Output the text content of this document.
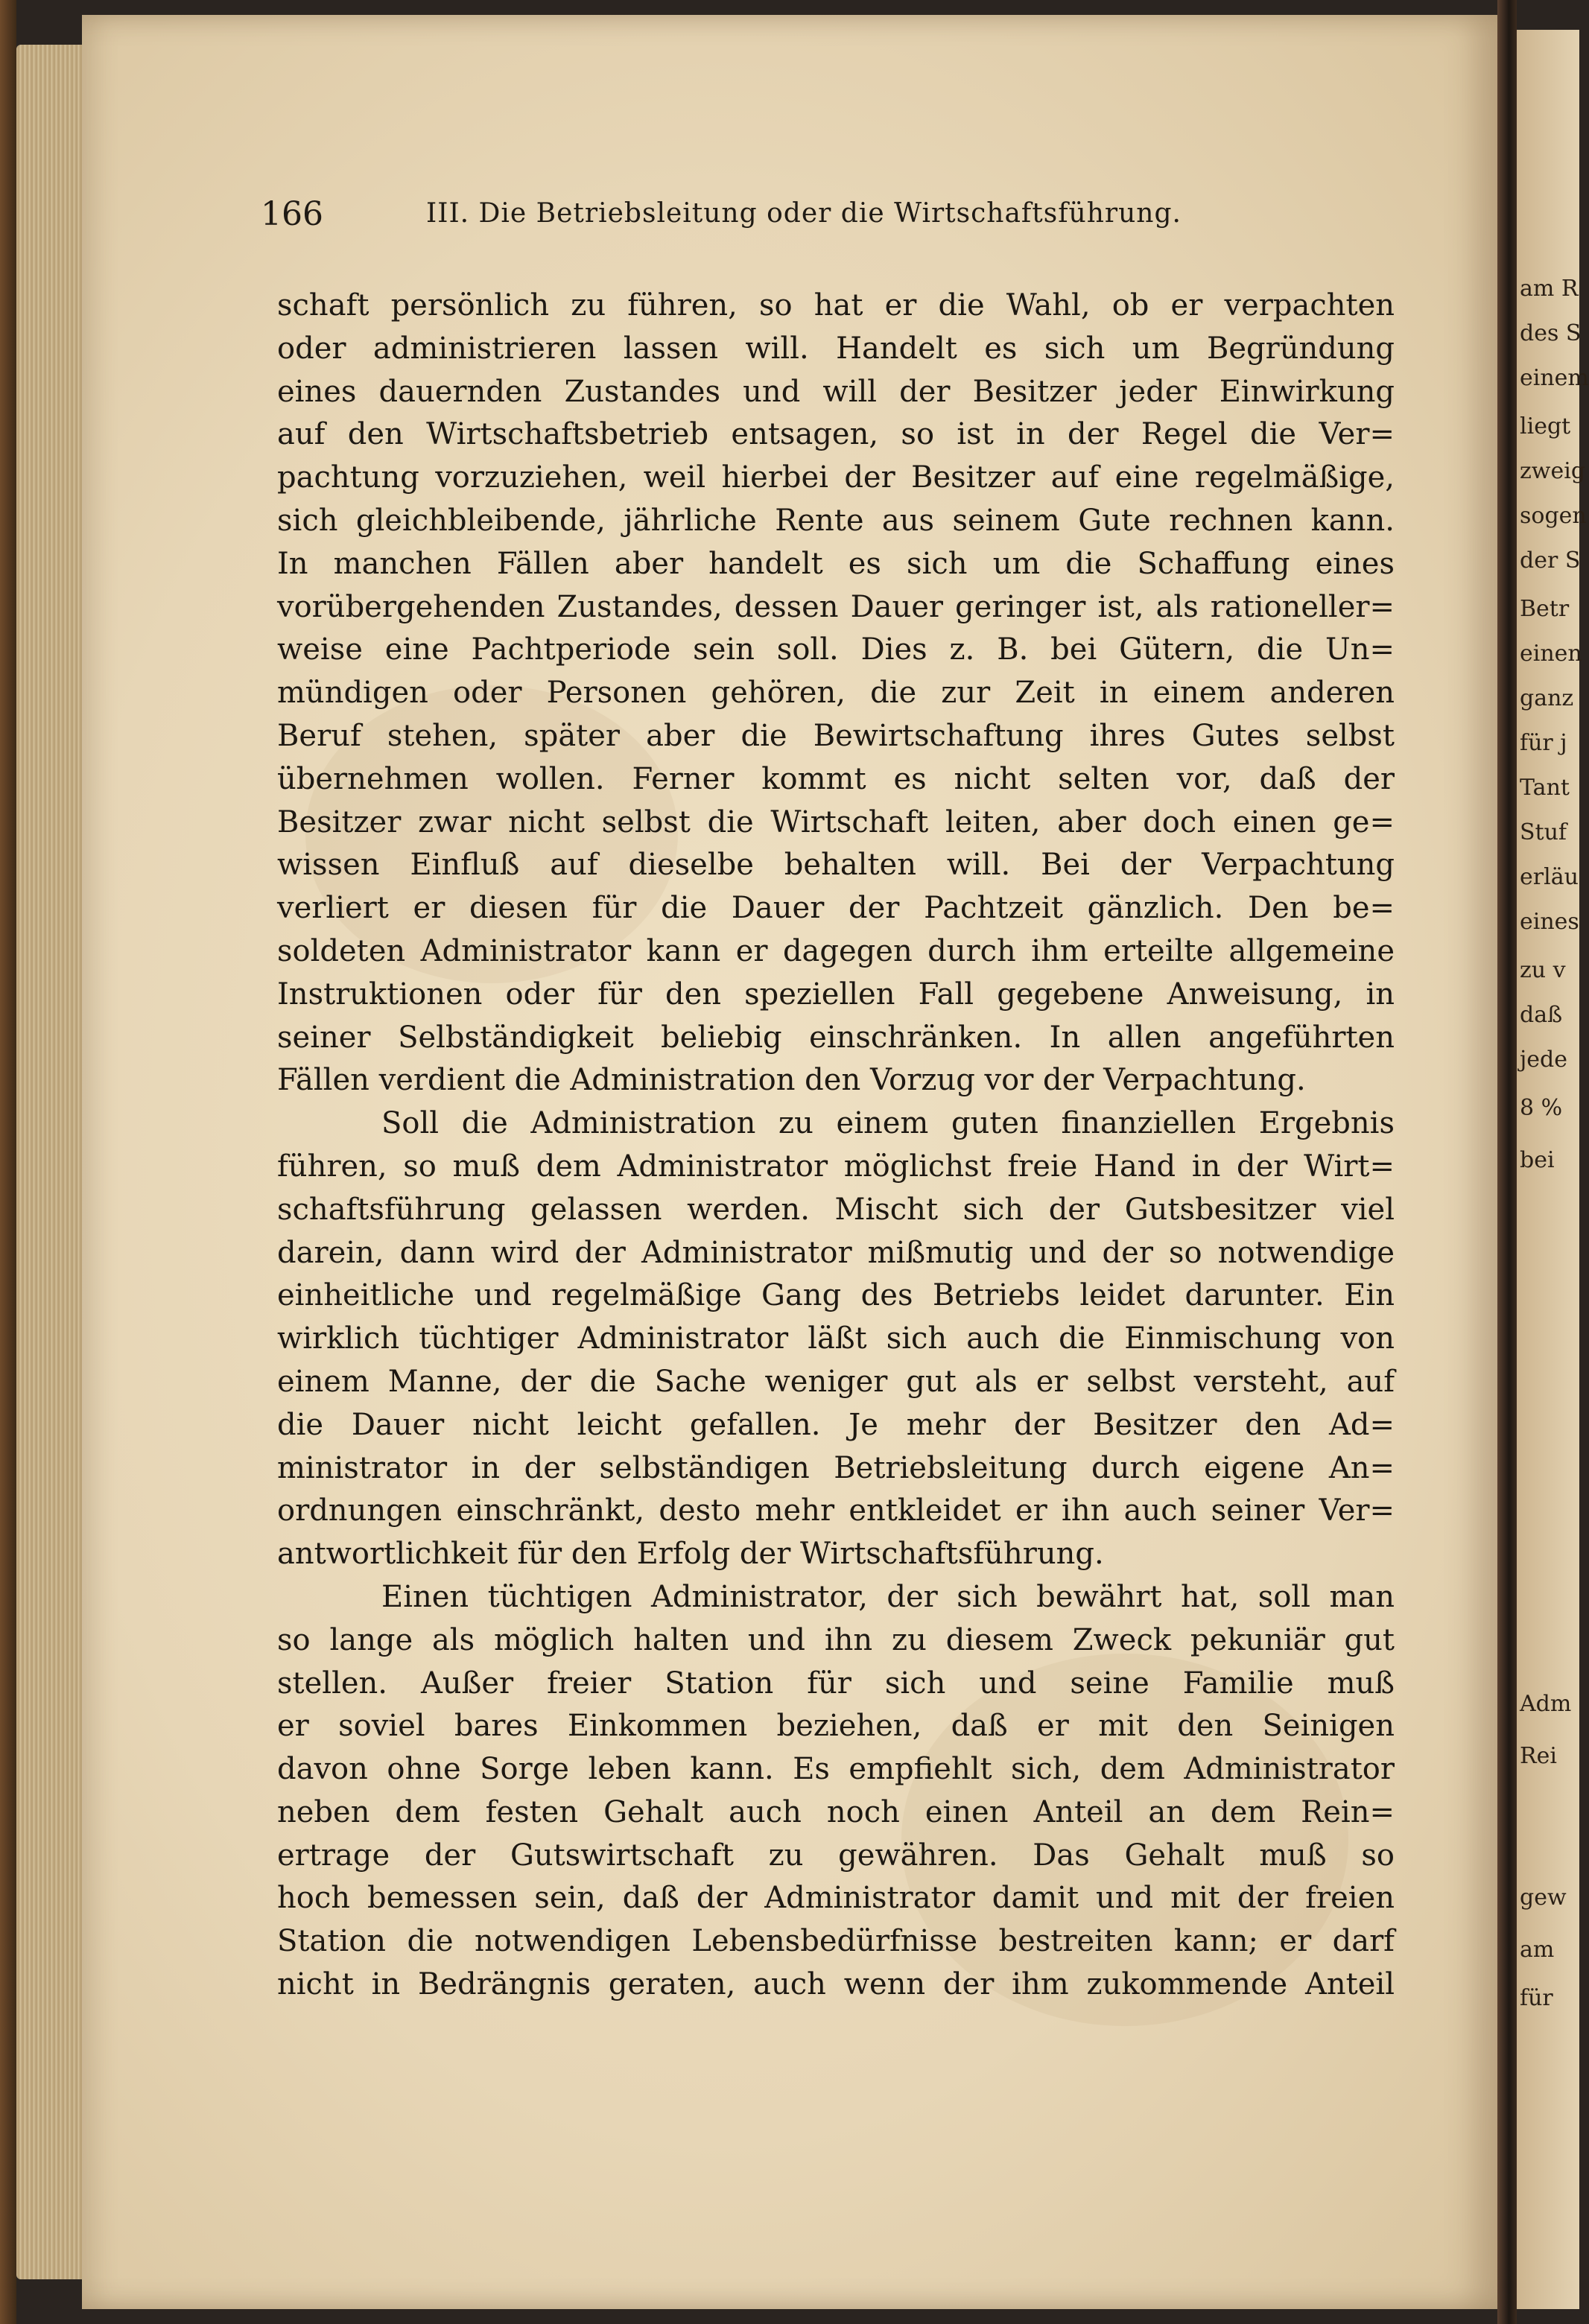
166	III. Die Betriebsleitung oder die Wirtschaftsführung.
schaft persönlich zu führen, so hat er die Wahl, ob er verpachten
oder administrieren lassen will. Handelt es sich um Begründung
eines dauernden Zustandes und will der Besitzer jeder Einwirkung
auf den Wirtschaftsbetrieb entsagen, so ist in der Regel die Ver=
pachtung vorzuziehen, weil hierbei der Besitzer auf eine regelmäßige,
sich gleichbleibende, jährliche Rente aus seinem Gute rechnen kann.
In manchen Fällen aber handelt es sich um die Schaffung eines
vorübergehenden Zustandes, dessen Dauer geringer ist, als rationeller=
weise eine Pachtperiode sein soll. Dies z. B. bei Gütern, die Un=
mündigen oder Personen gehören, die zur Zeit in einem anderen
Beruf stehen, später aber die Bewirtschaftung ihres Gutes selbst
übernehmen wollen. Ferner kommt es nicht selten vor, daß der
Besitzer zwar nicht selbst die Wirtschaft leiten, aber doch einen ge=
wissen Einfluß auf dieselbe behalten will. Bei der Verpachtung
verliert er diesen für die Dauer der Pachtzeit gänzlich. Den be=
soldeten Administrator kann er dagegen durch ihm erteilte allgemeine
Instruktionen oder für den speziellen Fall gegebene Anweisung, in
seiner Selbständigkeit beliebig einschränken. In allen angeführten
Fällen verdient die Administration den Vorzug vor der Verpachtung.
Soll die Administration zu einem guten finanziellen Ergebnis
führen, so muß dem Administrator möglichst freie Hand in der Wirt=
schaftsführung gelassen werden. Mischt sich der Gutsbesitzer viel
darein, dann wird der Administrator mißmutig und der so notwendige
einheitliche und regelmäßige Gang des Betriebs leidet darunter. Ein
wirklich tüchtiger Administrator läßt sich auch die Einmischung von
einem Manne, der die Sache weniger gut als er selbst versteht, auf
die Dauer nicht leicht gefallen. Je mehr der Besitzer den Ad=
ministrator in der selbständigen Betriebsleitung durch eigene An=
ordnungen einschränkt, desto mehr entkleidet er ihn auch seiner Ver=
antwortlichkeit für den Erfolg der Wirtschaftsführung.
Einen tüchtigen Administrator, der sich bewährt hat, soll man
so lange als möglich halten und ihn zu diesem Zweck pekuniär gut
stellen. Außer freier Station für sich und seine Familie muß
er soviel bares Einkommen beziehen, daß er mit den Seinigen
davon ohne Sorge leben kann. Es empfiehlt sich, dem Administrator
neben dem festen Gehalt auch noch einen Anteil an dem Rein=
ertrage der Gutswirtschaft zu gewähren. Das Gehalt muß so
hoch bemessen sein, daß der Administrator damit und mit der freien
Station die notwendigen Lebensbedürfnisse bestreiten kann; er darf
nicht in Bedrängnis geraten, auch wenn der ihm zukommende Anteil
am R
des S
einem
liegt
zweig
sogen
der S
Betr
einen
ganz
für j
Tant
Stuf
erläu
eines
zu v
daß
jede
8 %
bei
Adm
Rei
gew
am
für
